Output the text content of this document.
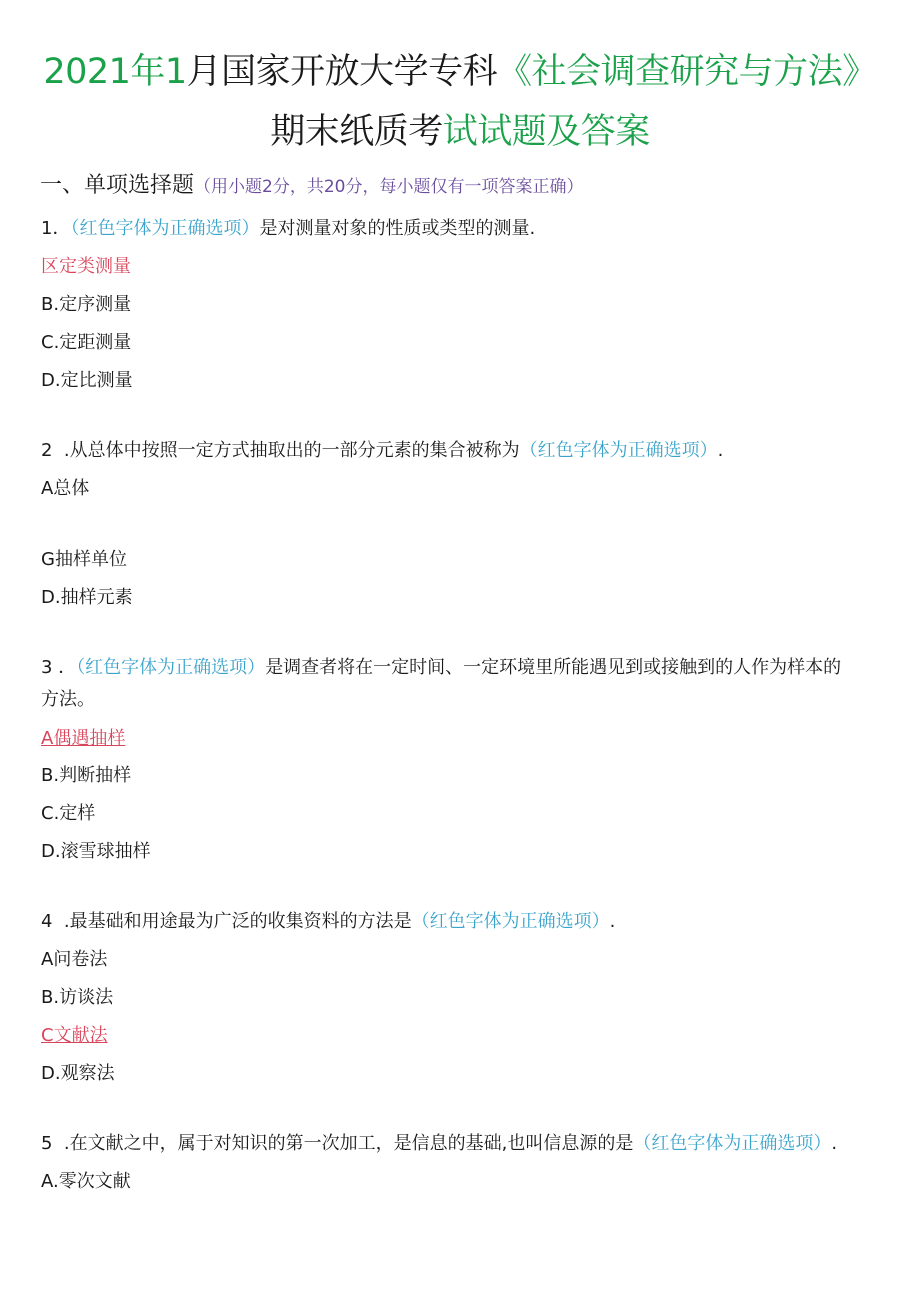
2021年1月国家开放大学专科《社会调查研究与方法》
期末纸质考试试题及答案
一、单项选择题（用小题2分，共20分，每小题仅有一项答案正确）
1．（红色字体为正确选项）是对测量对象的性质或类型的测量.
区定类测量
B.定序测量
C.定距测量
D.定比测量
2 .从总体中按照一定方式抽取出的一部分元素的集合被称为（红色字体为正确选项）.
A总体
G抽样单位
D.抽样元素
3 ．（红色字体为正确选项）是调查者将在一定时间、一定环境里所能遇见到或接触到的人作为样本的
方法。
A偶遇抽样
B.判断抽样
C.定样
D.滚雪球抽样
4 .最基础和用途最为广泛的收集资料的方法是（红色字体为正确选项）.
A问卷法
B.访谈法
C文献法
D.观察法
5 .在文献之中，属于对知识的第一次加工，是信息的基础,也叫信息源的是（红色字体为正确选项）.
A.零次文献
